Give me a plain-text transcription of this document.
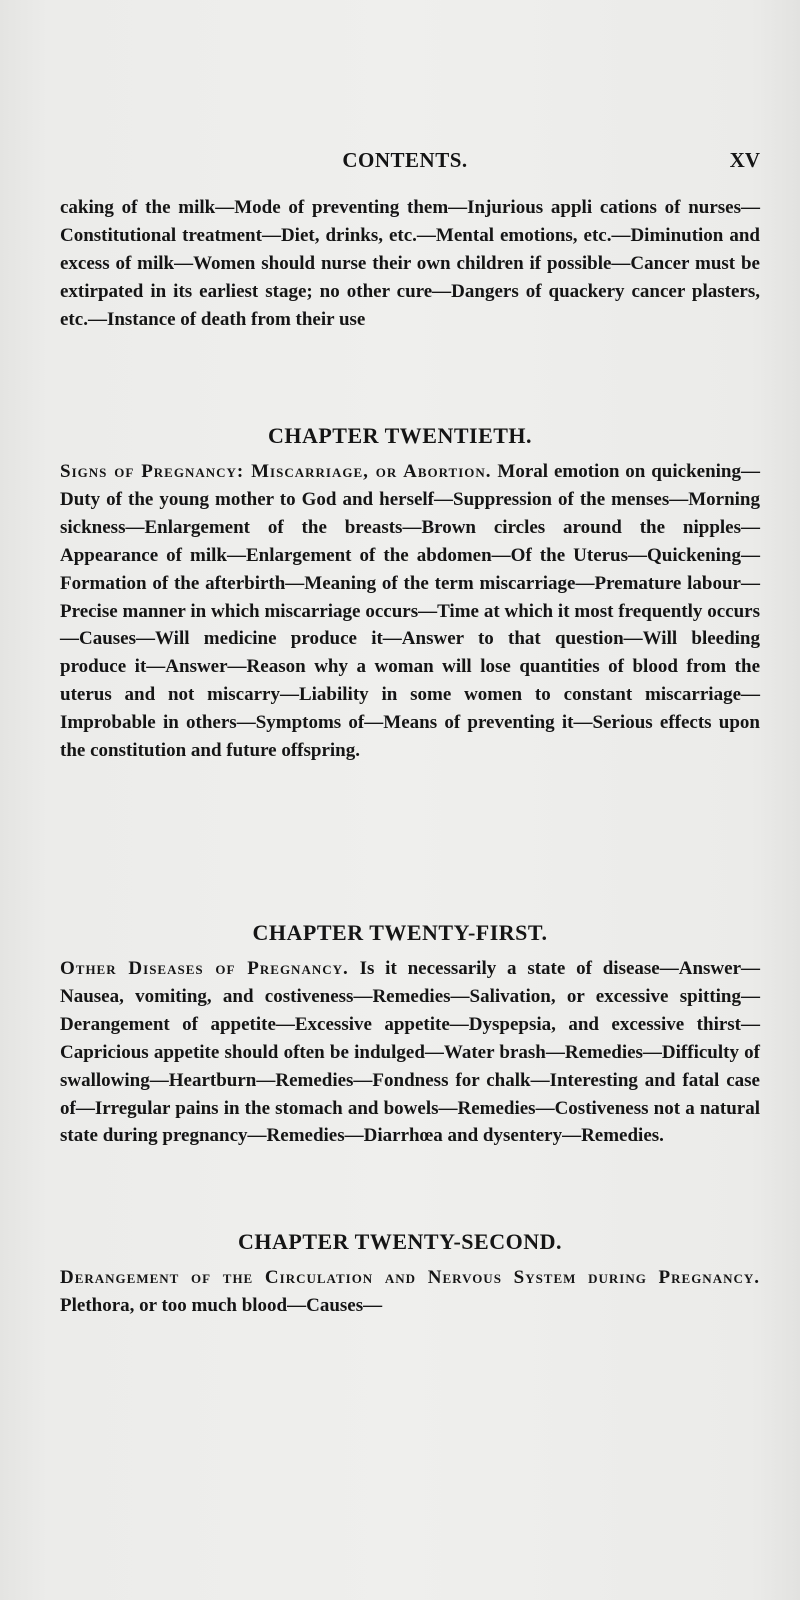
CONTENTS.	XV

caking of the milk—Mode of preventing them—Injurious appli cations of nurses—Constitutional treatment—Diet, drinks, etc.—Mental emotions, etc.—Diminution and excess of milk—Women should nurse their own children if possible—Cancer must be extirpated in its earliest stage; no other cure—Dangers of quackery cancer plasters, etc.—Instance of death from their use

CHAPTER TWENTIETH.

Signs of Pregnancy: Miscarriage, or Abortion. Moral emotion on quickening—Duty of the young mother to God and herself—Suppression of the menses—Morning sickness—Enlargement of the breasts—Brown circles around the nipples—Appearance of milk—Enlargement of the abdomen—Of the Uterus—Quickening—Formation of the afterbirth—Meaning of the term miscarriage—Premature labour—Precise manner in which miscarriage occurs—Time at which it most frequently occurs—Causes—Will medicine produce it—Answer to that question—Will bleeding produce it—Answer—Reason why a woman will lose quantities of blood from the uterus and not miscarry—Liability in some women to constant miscarriage—Improbable in others—Symptoms of—Means of preventing it—Serious effects upon the constitution and future offspring.

CHAPTER TWENTY-FIRST.

Other Diseases of Pregnancy. Is it necessarily a state of disease—Answer—Nausea, vomiting, and costiveness—Remedies—Salivation, or excessive spitting—Derangement of appetite—Excessive appetite—Dyspepsia, and excessive thirst—Capricious appetite should often be indulged—Water brash—Remedies—Difficulty of swallowing—Heartburn—Remedies—Fondness for chalk—Interesting and fatal case of—Irregular pains in the stomach and bowels—Remedies—Costiveness not a natural state during pregnancy—Remedies—Diarrhœa and dysentery—Remedies.

CHAPTER TWENTY-SECOND.

Derangement of the Circulation and Nervous System during Pregnancy. Plethora, or too much blood—Causes—
